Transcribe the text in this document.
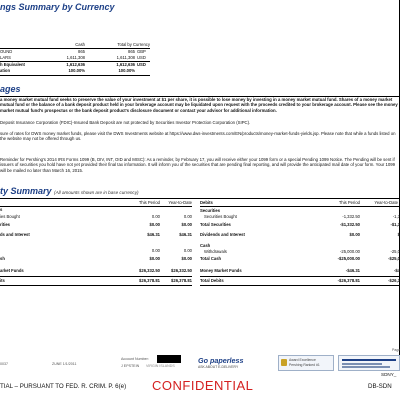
ngs Summary by Currency
Cash	Total by Currency
OUND	865	865 GBP
LARS	1,611,308	1,611,308 USD
h Equivalent	1,612,636	1,612,636 USD
ation	100.00%	100.00%
ages
a money market mutual fund seeks to preserve the value of your investment at $1 per share, it is possible to lose money by investing in a money market mutual fund. Shares of a money market mutual fund or the balance of a bank deposit product held in your brokerage account may be liquidated upon request with the proceeds credited to your brokerage account. Please see the money market mutual fund's prospectus or the bank deposit product's disclosure document or contact your advisor for additional information.
Deposit Insurance Corporation (FDIC)-Insured Bank Deposit are not protected by Securities Investor Protection Corporation (SIPC).
sure of rates for DWS money market funds, please visit the DWS Investments website at https://www.dws-investments.com/EN/products/money-market-funds-yields.jsp. Please note that while a funds listed on the website may not be offered through us.
Reminder for Pershing's 2014 IRS Forms 1099 (B, DIV, INT, OID and MISC): As a reminder, by February 17, you will receive either your 1099 form or a special Pending 1099 Notice. The Pending will be sent if issuers of securities you hold have not yet provided their final tax information. It will inform you of the securities that are pending final reporting, and will provide the anticipated mail date of your form. Your 1099 will be mailed no later than March 16, 2015.
ty Summary (All amounts shown are in base currency)
This Period	Year-to-Date
s
ies Bought	0.00	0.00
rities	$0.00	$0.00
ds and Interest	$46.31	$46.31
0.00	0.00
sh	$0.00	$0.00
arket Funds	$26,332.50	$26,332.50
its	$26,378.81	$26,378.81
Debits	This Period	Year-to-Date
Securities
Securities Bought	-1,332.50	-1,3
Total Securities	-$1,332.50	-$1,3
Dividends and Interest	$0.00	$
Cash
Withdrawals	-25,000.00	-25,0
Total Cash	-$25,000.00	-$25,0
Money Market Funds	-$46.31	-$4
Total Debits	-$26,378.81	-$26,3
Page
0037	ZUNE 1/1/2011
Account Number:
J EPSTEIN VIRGIN ISLANDS
Go paperless
ASK ABOUT E-DELIVERY
Award Excellence
Pershing Ranked #1
SDNY_
TIAL – PURSUANT TO FED. R. CRIM. P. 6(e) CONFIDENTIAL	DB-SDN
